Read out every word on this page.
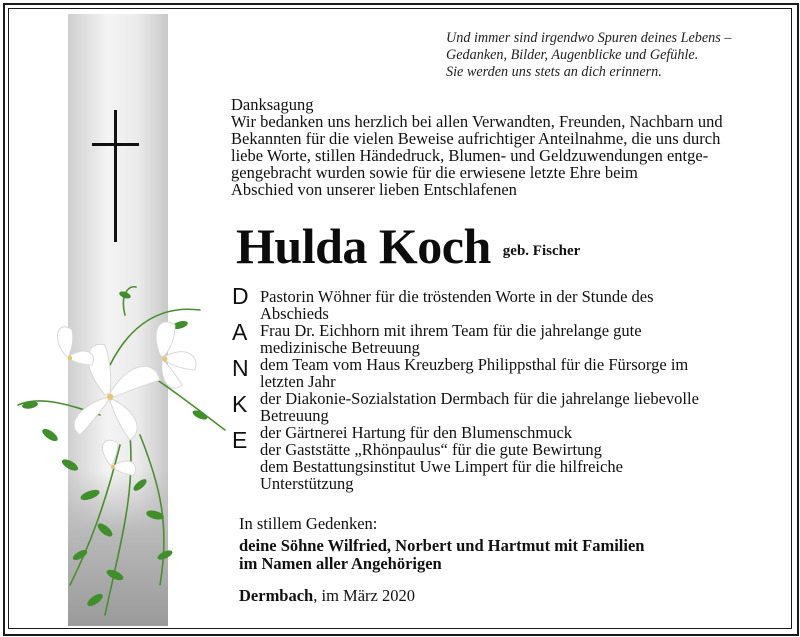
Und immer sind irgendwo Spuren deines Lebens –
Gedanken, Bilder, Augenblicke und Gefühle.
Sie werden uns stets an dich erinnern.
Danksagung
Wir bedanken uns herzlich bei allen Verwandten, Freunden, Nachbarn und
Bekannten für die vielen Beweise aufrichtiger Anteilnahme, die uns durch
liebe Worte, stillen Händedruck, Blumen- und Geldzuwendungen entge-
gengebracht wurden sowie für die erwiesene letzte Ehre beim
Abschied von unserer lieben Entschlafenen
Hulda Koch geb. Fischer
D
A
N
K
E
Pastorin Wöhner für die tröstenden Worte in der Stunde des
Abschieds
Frau Dr. Eichhorn mit ihrem Team für die jahrelange gute
medizinische Betreuung
dem Team vom Haus Kreuzberg Philippsthal für die Fürsorge im
letzten Jahr
der Diakonie-Sozialstation Dermbach für die jahrelange liebevolle
Betreuung
der Gärtnerei Hartung für den Blumenschmuck
der Gaststätte „Rhönpaulus“ für die gute Bewirtung
dem Bestattungsinstitut Uwe Limpert für die hilfreiche
Unterstützung
In stillem Gedenken:
deine Söhne Wilfried, Norbert und Hartmut mit Familien
im Namen aller Angehörigen
Dermbach, im März 2020
